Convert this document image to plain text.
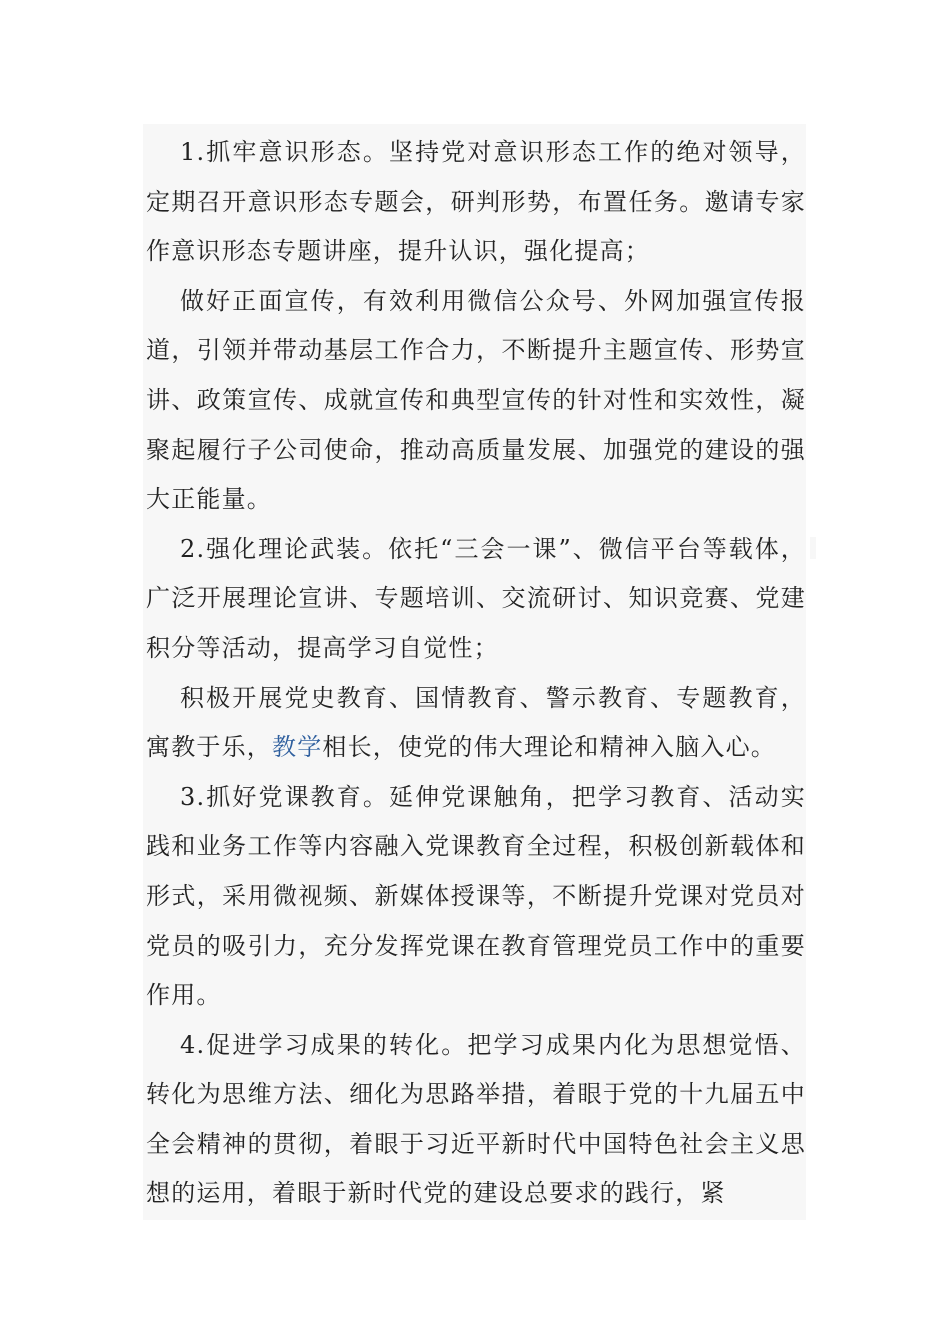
1.抓牢意识形态。坚持党对意识形态工作的绝对领导，定期召开意识形态专题会，研判形势，布置任务。邀请专家作意识形态专题讲座，提升认识，强化提高；

做好正面宣传，有效利用微信公众号、外网加强宣传报道，引领并带动基层工作合力，不断提升主题宣传、形势宣讲、政策宣传、成就宣传和典型宣传的针对性和实效性，凝聚起履行子公司使命，推动高质量发展、加强党的建设的强大正能量。

2.强化理论武装。依托“三会一课”、微信平台等载体，广泛开展理论宣讲、专题培训、交流研讨、知识竞赛、党建积分等活动，提高学习自觉性；

积极开展党史教育、国情教育、警示教育、专题教育，寓教于乐，教学相长，使党的伟大理论和精神入脑入心。

3.抓好党课教育。延伸党课触角，把学习教育、活动实践和业务工作等内容融入党课教育全过程，积极创新载体和形式，采用微视频、新媒体授课等，不断提升党课对党员对党员的吸引力，充分发挥党课在教育管理党员工作中的重要作用。

4.促进学习成果的转化。把学习成果内化为思想觉悟、转化为思维方法、细化为思路举措，着眼于党的十九届五中全会精神的贯彻，着眼于习近平新时代中国特色社会主义思想的运用，着眼于新时代党的建设总要求的践行，紧
